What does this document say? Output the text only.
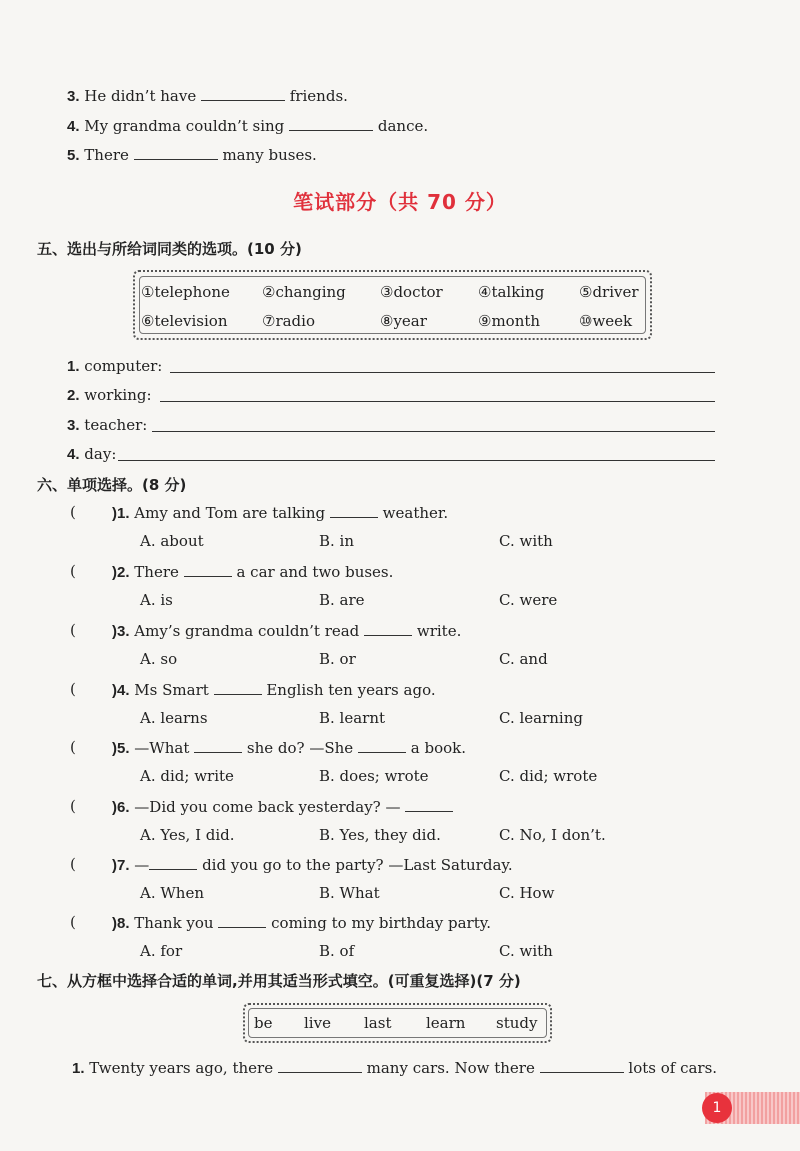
3. He didn’t have	friends.
4. My grandma couldn’t sing	dance.
5. There	many buses.
笔试部分（共 70 分）
五、选出与所给词同类的选项。(10 分)
①telephone ②changing ③doctor ④talking ⑤driver
⑥television ⑦radio	⑧year	⑨month	⑩week
1. computer:
2. working:
3. teacher:
4. day:
六、单项选择。(8 分)
( )1. Amy and Tom are talking	weather.
A. about	B. in	C. with
( )2. There	a car and two buses.
A. is	B. are	C. were
( )3. Amy’s grandma couldn’t read	write.
A. so	B. or	C. and
( )4. Ms Smart	English ten years ago.
A. learns	B. learnt	C. learning
( )5. —What	she do? —She	a book.
A. did; write	B. does; wrote	C. did; wrote
( )6. —Did you come back yesterday? —
A. Yes, I did.	B. Yes, they did.	C. No, I don’t.
( )7. —	did you go to the party? —Last Saturday.
A. When	B. What	C. How
( )8. Thank you	coming to my birthday party.
A. for	B. of	C. with
七、从方框中选择合适的单词,并用其适当形式填空。(可重复选择)(7 分)
be live last learn study
1. Twenty years ago, there	many cars. Now there	lots of cars.
1
